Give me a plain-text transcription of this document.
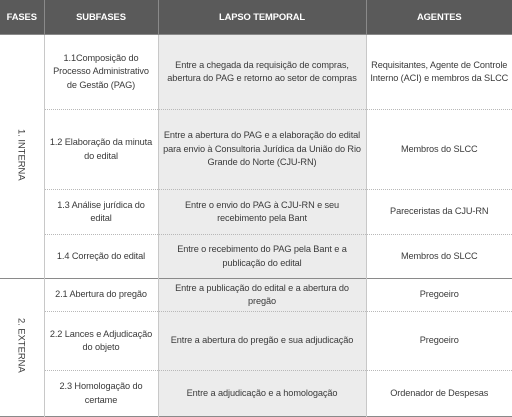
FASES	SUBFASES	LAPSO TEMPORAL	AGENTES
1. INTERNA	1.1Composição do Processo Administrativo de Gestão (PAG)	Entre a chegada da requisição de compras, abertura do PAG e retorno ao setor de compras	Requisitantes, Agente de Controle Interno (ACI) e membros da SLCC
	1.2 Elaboração da minuta do edital	Entre a abertura do PAG e a elaboração do edital para envio à Consultoria Jurídica da União do Rio Grande do Norte (CJU-RN)	Membros do SLCC
	1.3 Análise jurídica do edital	Entre o envio do PAG à CJU-RN e seu recebimento pela Bant	Pareceristas da CJU-RN
	1.4 Correção do edital	Entre o recebimento do PAG pela Bant e a publicação do edital	Membros do SLCC
2. EXTERNA	2.1 Abertura do pregão	Entre a publicação do edital e a abertura do pregão	Pregoeiro
	2.2 Lances e Adjudicação do objeto	Entre a abertura do pregão e sua adjudicação	Pregoeiro
	2.3 Homologação do certame	Entre a adjudicação e a homologação	Ordenador de Despesas
